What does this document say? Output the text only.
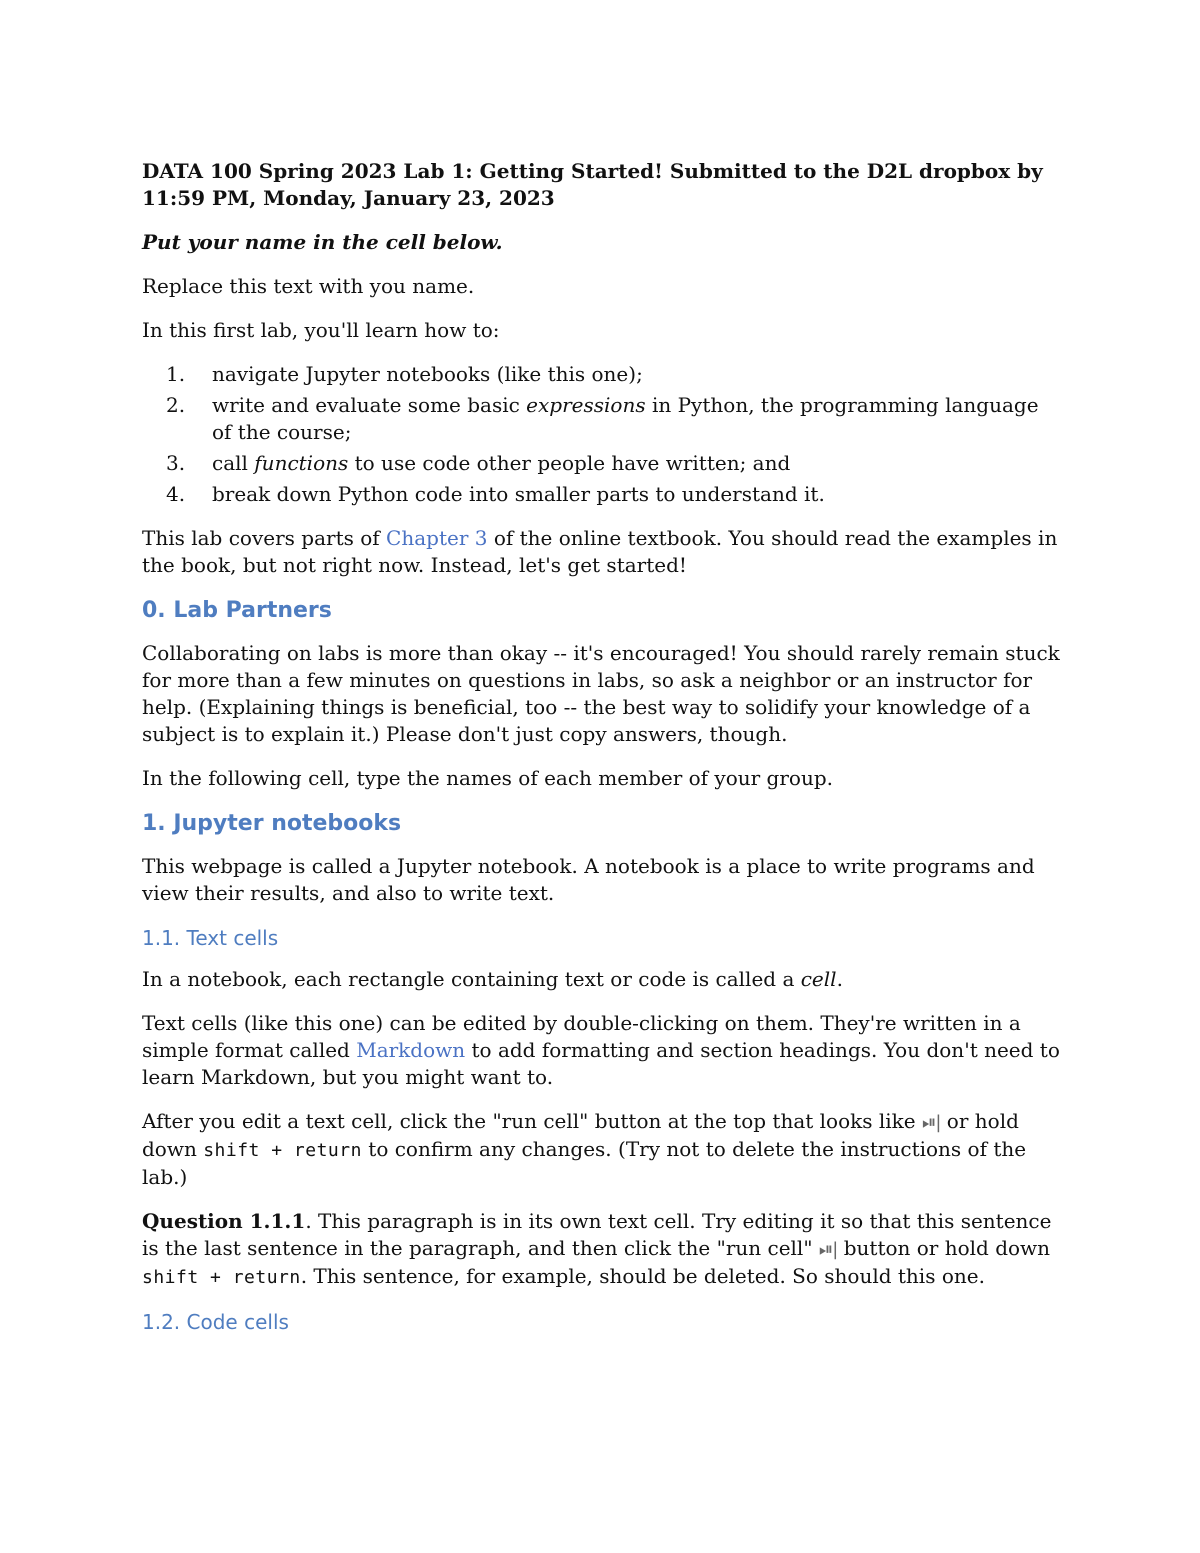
DATA 100 Spring 2023 Lab 1: Getting Started! Submitted to the D2L dropbox by 11:59 PM, Monday, January 23, 2023

Put your name in the cell below.

Replace this text with you name.

In this first lab, you'll learn how to:

1. navigate Jupyter notebooks (like this one);
2. write and evaluate some basic expressions in Python, the programming language of the course;
3. call functions to use code other people have written; and
4. break down Python code into smaller parts to understand it.

This lab covers parts of Chapter 3 of the online textbook. You should read the examples in the book, but not right now. Instead, let's get started!

0. Lab Partners

Collaborating on labs is more than okay -- it's encouraged! You should rarely remain stuck for more than a few minutes on questions in labs, so ask a neighbor or an instructor for help. (Explaining things is beneficial, too -- the best way to solidify your knowledge of a subject is to explain it.) Please don't just copy answers, though.

In the following cell, type the names of each member of your group.

1. Jupyter notebooks

This webpage is called a Jupyter notebook. A notebook is a place to write programs and view their results, and also to write text.

1.1. Text cells

In a notebook, each rectangle containing text or code is called a cell.

Text cells (like this one) can be edited by double-clicking on them. They're written in a simple format called Markdown to add formatting and section headings. You don't need to learn Markdown, but you might want to.

After you edit a text cell, click the "run cell" button at the top that looks like ⏯| or hold down shift + return to confirm any changes. (Try not to delete the instructions of the lab.)

Question 1.1.1. This paragraph is in its own text cell. Try editing it so that this sentence is the last sentence in the paragraph, and then click the "run cell" ⏯| button or hold down shift + return. This sentence, for example, should be deleted. So should this one.

1.2. Code cells
